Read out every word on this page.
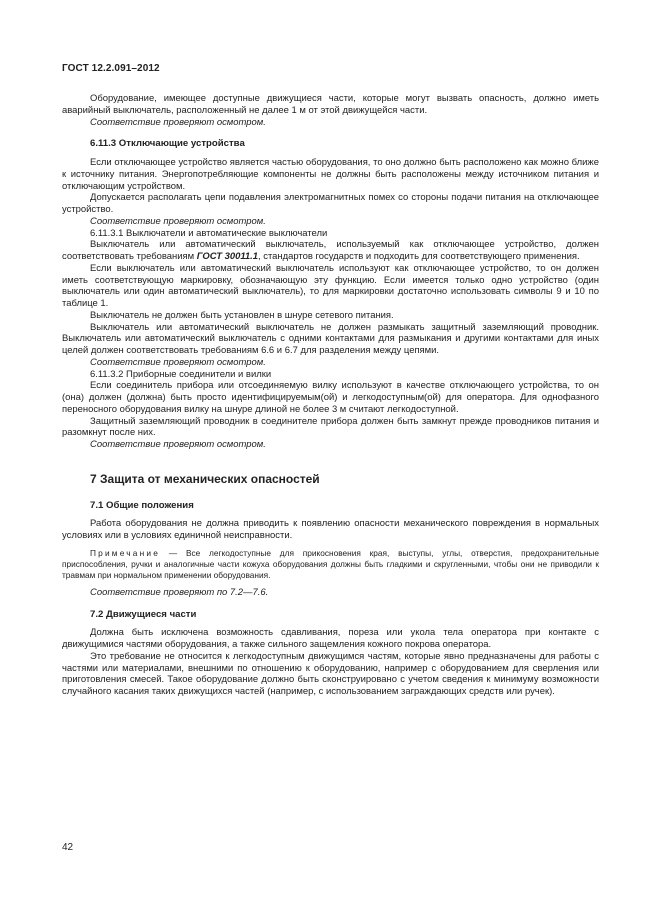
ГОСТ 12.2.091–2012

Оборудование, имеющее доступные движущиеся части, которые могут вызвать опасность, должно иметь аварийный выключатель, расположенный не далее 1 м от этой движущейся части.

Соответствие проверяют осмотром.

6.11.3 Отключающие устройства

Если отключающее устройство является частью оборудования, то оно должно быть расположено как можно ближе к источнику питания. Энергопотребляющие компоненты не должны быть расположены между источником питания и отключающим устройством.

Допускается располагать цепи подавления электромагнитных помех со стороны подачи питания на отключающее устройство.

Соответствие проверяют осмотром.

6.11.3.1 Выключатели и автоматические выключатели

Выключатель или автоматический выключатель, используемый как отключающее устройство, должен соответствовать требованиям ГОСТ 30011.1, стандартов государств и подходить для соответствующего применения.

Если выключатель или автоматический выключатель используют как отключающее устройство, то он должен иметь соответствующую маркировку, обозначающую эту функцию. Если имеется только одно устройство (один выключатель или один автоматический выключатель), то для маркировки достаточно использовать символы 9 и 10 по таблице 1.

Выключатель не должен быть установлен в шнуре сетевого питания.

Выключатель или автоматический выключатель не должен размыкать защитный заземляющий проводник. Выключатель или автоматический выключатель с одними контактами для размыкания и другими контактами для иных целей должен соответствовать требованиям 6.6 и 6.7 для разделения между цепями.

Соответствие проверяют осмотром.

6.11.3.2 Приборные соединители и вилки

Если соединитель прибора или отсоединяемую вилку используют в качестве отключающего устройства, то он (она) должен (должна) быть просто идентифицируемым(ой) и легкодоступным(ой) для оператора. Для однофазного переносного оборудования вилку на шнуре длиной не более 3 м считают легкодоступной.

Защитный заземляющий проводник в соединителе прибора должен быть замкнут прежде проводников питания и разомкнут после них.

Соответствие проверяют осмотром.

7 Защита от механических опасностей
7.1 Общие положения

Работа оборудования не должна приводить к появлению опасности механического повреждения в нормальных условиях или в условиях единичной неисправности.

Примечание — Все легкодоступные для прикосновения края, выступы, углы, отверстия, предохранительные приспособления, ручки и аналогичные части кожуха оборудования должны быть гладкими и скругленными, чтобы они не приводили к травмам при нормальном применении оборудования.

Соответствие проверяют по 7.2—7.6.

7.2 Движущиеся части

Должна быть исключена возможность сдавливания, пореза или укола тела оператора при контакте с движущимися частями оборудования, а также сильного защемления кожного покрова оператора.

Это требование не относится к легкодоступным движущимся частям, которые явно предназначены для работы с частями или материалами, внешними по отношению к оборудованию, например с оборудованием для сверления или приготовления смесей. Такое оборудование должно быть сконструировано с учетом сведения к минимуму возможности случайного касания таких движущихся частей (например, с использованием заграждающих средств или ручек).

42
